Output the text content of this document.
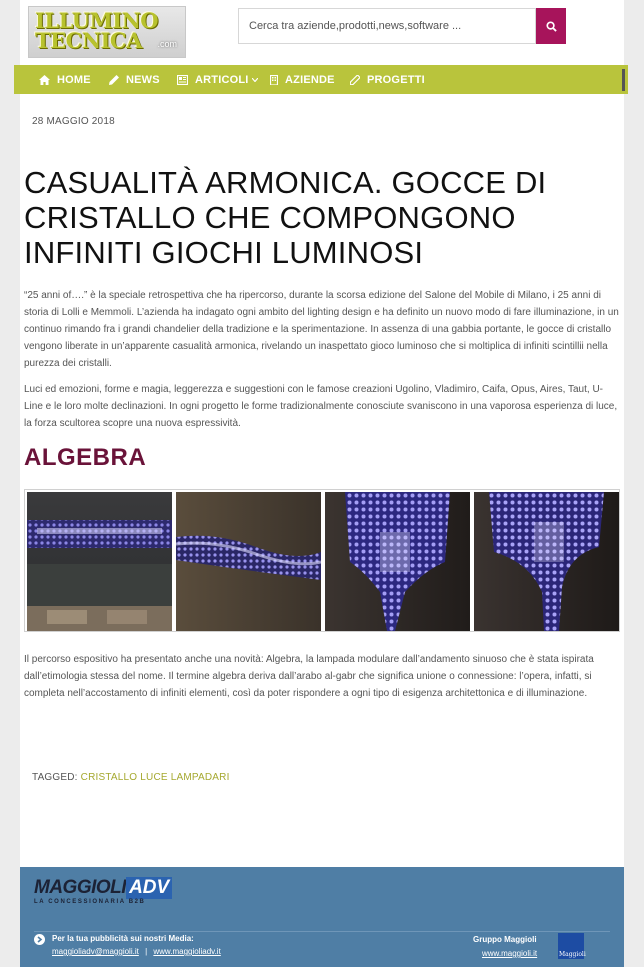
ILLUMINO
TECNICA .com
Cerca tra aziende,prodotti,news,software ...
HOME	NEWS	ARTICOLI	AZIENDE	PROGETTI
28 MAGGIO 2018
CASUALITÀ ARMONICA. GOCCE DI CRISTALLO CHE COMPONGONO INFINITI GIOCHI LUMINOSI

“25 anni of….” è la speciale retrospettiva che ha ripercorso, durante la scorsa edizione del Salone del Mobile di Milano, i 25 anni di storia di Lolli e Memmoli. L’azienda ha indagato ogni ambito del lighting design e ha definito un nuovo modo di fare illuminazione, in un continuo rimando fra i grandi chandelier della tradizione e la sperimentazione. In assenza di una gabbia portante, le gocce di cristallo vengono liberate in un’apparente casualità armonica, rivelando un inaspettato gioco luminoso che si moltiplica di infiniti scintillii nella purezza dei cristalli.

Luci ed emozioni, forme e magia, leggerezza e suggestioni con le famose creazioni Ugolino, Vladimiro, Caifa, Opus, Aires, Taut, U-Line e le loro molte declinazioni. In ogni progetto le forme tradizionalmente conosciute svaniscono in una vaporosa esperienza di luce, la forza scultorea scopre una nuova espressività.

ALGEBRA

Il percorso espositivo ha presentato anche una novità: Algebra, la lampada modulare dall’andamento sinuoso che è stata ispirata dall’etimologia stessa del nome. Il termine algebra deriva dall’arabo al-gabr che significa unione o connessione: l’opera, infatti, si completa nell’accostamento di infiniti elementi, così da poter rispondere a ogni tipo di esigenza architettonica e di illuminazione.

TAGGED: CRISTALLO LUCE LAMPADARI
MAGGIOLI ADV
LA CONCESSIONARIA B2B
Per la tua pubblicità sui nostri Media:
maggioliadv@maggioli.it | www.maggioliadv.it
Gruppo Maggioli
www.maggioli.it	Maggioli
